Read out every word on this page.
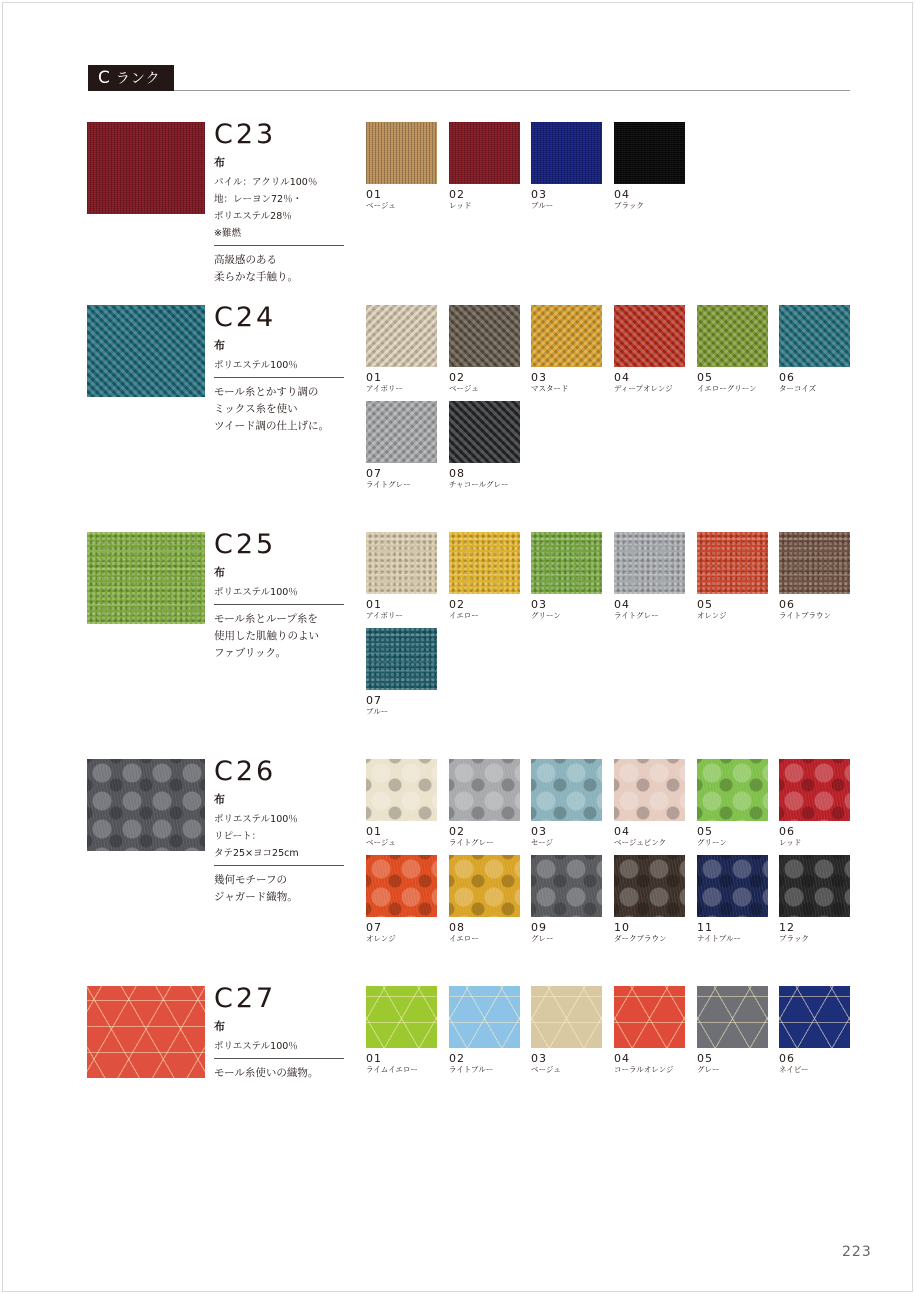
C ランク
C23
布
パイル：アクリル100％
地：レーヨン72％・
ポリエステル28％
※難燃
高級感のある
柔らかな手触り。
01
ベージュ
02
レッド
03
ブルー
04
ブラック
C24
布
ポリエステル100％
モール糸とかすり調の
ミックス糸を使い
ツイード調の仕上げに。
01
アイボリー
02
ベージュ
03
マスタード
04
ディープオレンジ
05
イエローグリーン
06
ターコイズ
07
ライトグレー
08
チャコールグレー
C25
布
ポリエステル100％
モール糸とループ糸を
使用した肌触りのよい
ファブリック。
01
アイボリー
02
イエロー
03
グリーン
04
ライトグレー
05
オレンジ
06
ライトブラウン
07
ブルー
C26
布
ポリエステル100％
リピート：
タテ25×ヨコ25cm
幾何モチーフの
ジャガード織物。
01
ベージュ
02
ライトグレー
03
セージ
04
ベージュピンク
05
グリーン
06
レッド
07
オレンジ
08
イエロー
09
グレー
10
ダークブラウン
11
ナイトブルー
12
ブラック
C27
布
ポリエステル100％
モール糸使いの織物。
01
ライムイエロー
02
ライトブルー
03
ベージュ
04
コーラルオレンジ
05
グレー
06
ネイビー
223
